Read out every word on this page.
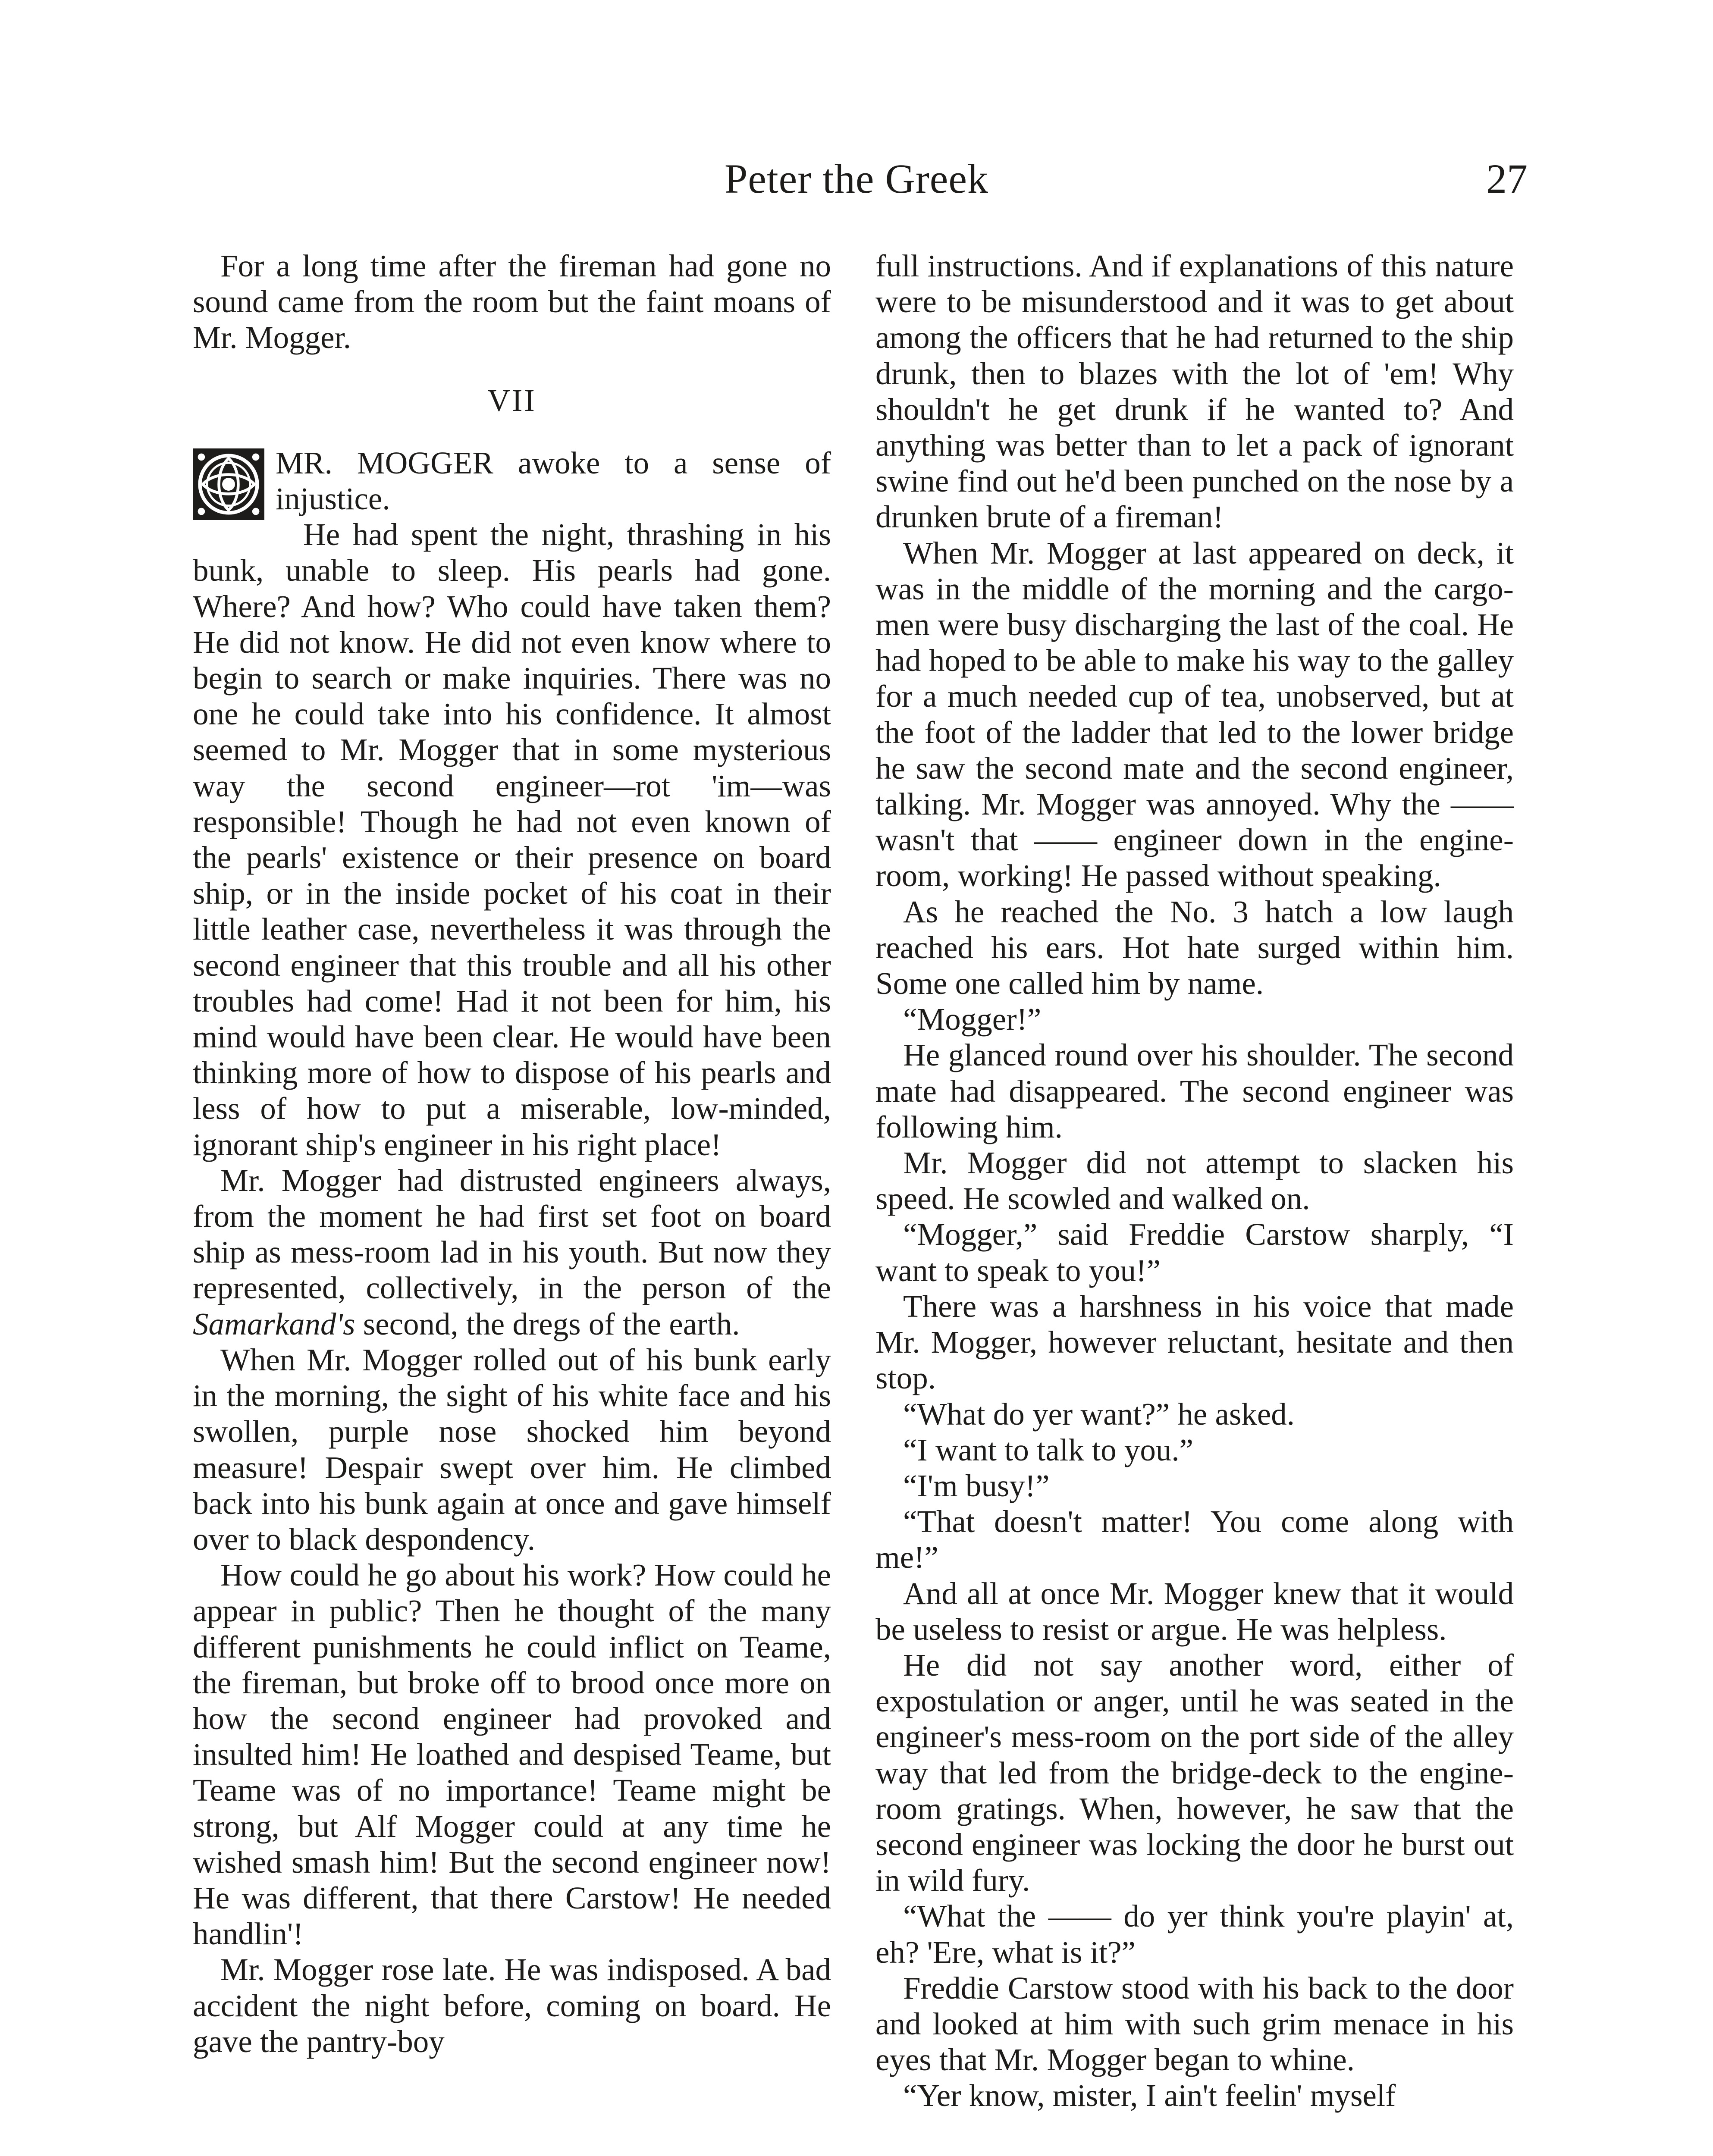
Peter the Greek	27

For a long time after the fireman had gone no sound came from the room but the faint moans of Mr. Mogger.

VII

MR. MOGGER awoke to a sense of injustice.

He had spent the night, thrashing in his bunk, unable to sleep. His pearls had gone. Where? And how? Who could have taken them? He did not know. He did not even know where to begin to search or make inquiries. There was no one he could take into his confidence. It almost seemed to Mr. Mogger that in some mysterious way the second engineer—rot 'im—was responsible! Though he had not even known of the pearls' existence or their presence on board ship, or in the inside pocket of his coat in their little leather case, nevertheless it was through the second engineer that this trouble and all his other troubles had come! Had it not been for him, his mind would have been clear. He would have been thinking more of how to dispose of his pearls and less of how to put a miserable, low-minded, ignorant ship's engineer in his right place!

Mr. Mogger had distrusted engineers always, from the moment he had first set foot on board ship as mess-room lad in his youth. But now they represented, collectively, in the person of the Samarkand's second, the dregs of the earth.

When Mr. Mogger rolled out of his bunk early in the morning, the sight of his white face and his swollen, purple nose shocked him beyond measure! Despair swept over him. He climbed back into his bunk again at once and gave himself over to black despondency.

How could he go about his work? How could he appear in public? Then he thought of the many different punishments he could inflict on Teame, the fireman, but broke off to brood once more on how the second engineer had provoked and insulted him! He loathed and despised Teame, but Teame was of no importance! Teame might be strong, but Alf Mogger could at any time he wished smash him! But the second engineer now! He was different, that there Carstow! He needed handlin'!

Mr. Mogger rose late. He was indisposed. A bad accident the night before, coming on board. He gave the pantry-boy

full instructions. And if explanations of this nature were to be misunderstood and it was to get about among the officers that he had returned to the ship drunk, then to blazes with the lot of 'em! Why shouldn't he get drunk if he wanted to? And anything was better than to let a pack of ignorant swine find out he'd been punched on the nose by a drunken brute of a fireman!

When Mr. Mogger at last appeared on deck, it was in the middle of the morning and the cargo-men were busy discharging the last of the coal. He had hoped to be able to make his way to the galley for a much needed cup of tea, unobserved, but at the foot of the ladder that led to the lower bridge he saw the second mate and the second engineer, talking. Mr. Mogger was annoyed. Why the —— wasn't that —— engineer down in the engine-room, working! He passed without speaking.

As he reached the No. 3 hatch a low laugh reached his ears. Hot hate surged within him. Some one called him by name.

“Mogger!”

He glanced round over his shoulder. The second mate had disappeared. The second engineer was following him.

Mr. Mogger did not attempt to slacken his speed. He scowled and walked on.

“Mogger,” said Freddie Carstow sharply, “I want to speak to you!”

There was a harshness in his voice that made Mr. Mogger, however reluctant, hesitate and then stop.

“What do yer want?” he asked.

“I want to talk to you.”

“I'm busy!”

“That doesn't matter! You come along with me!”

And all at once Mr. Mogger knew that it would be useless to resist or argue. He was helpless.

He did not say another word, either of expostulation or anger, until he was seated in the engineer's mess-room on the port side of the alley way that led from the bridge-deck to the engine-room gratings. When, however, he saw that the second engineer was locking the door he burst out in wild fury.

“What the —— do yer think you're playin' at, eh? 'Ere, what is it?”

Freddie Carstow stood with his back to the door and looked at him with such grim menace in his eyes that Mr. Mogger began to whine.

“Yer know, mister, I ain't feelin' myself
